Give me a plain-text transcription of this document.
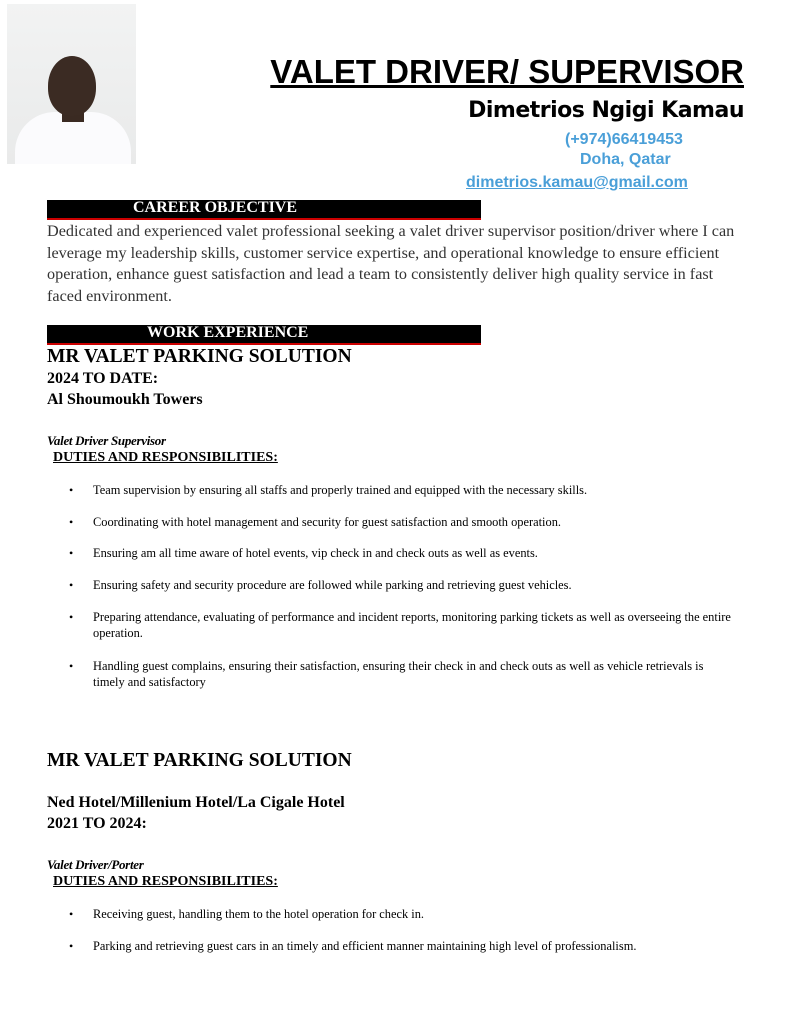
VALET DRIVER/ SUPERVISOR
Dimetrios Ngigi Kamau
(+974)66419453
Doha, Qatar
dimetrios.kamau@gmail.com
CAREER OBJECTIVE
Dedicated and experienced valet professional seeking a valet driver supervisor position/driver where I can leverage my leadership skills, customer service expertise, and operational knowledge to ensure efficient operation, enhance guest satisfaction and lead a team to consistently deliver high quality service in fast faced environment.
WORK EXPERIENCE
MR VALET PARKING SOLUTION
2024 TO DATE:
Al Shoumoukh Towers
Valet Driver Supervisor
DUTIES AND RESPONSIBILITIES:
• Team supervision by ensuring all staffs and properly trained and equipped with the necessary skills.
• Coordinating with hotel management and security for guest satisfaction and smooth operation.
• Ensuring am all time aware of hotel events, vip check in and check outs as well as events.
• Ensuring safety and security procedure are followed while parking and retrieving guest vehicles.
• Preparing attendance, evaluating of performance and incident reports, monitoring parking tickets as well as overseeing the entire operation.
• Handling guest complains, ensuring their satisfaction, ensuring their check in and check outs as well as vehicle retrievals is timely and satisfactory
MR VALET PARKING SOLUTION
Ned Hotel/Millenium Hotel/La Cigale Hotel
2021 TO 2024:
Valet Driver/Porter
DUTIES AND RESPONSIBILITIES:
• Receiving guest, handling them to the hotel operation for check in.
• Parking and retrieving guest cars in an timely and efficient manner maintaining high level of professionalism.
